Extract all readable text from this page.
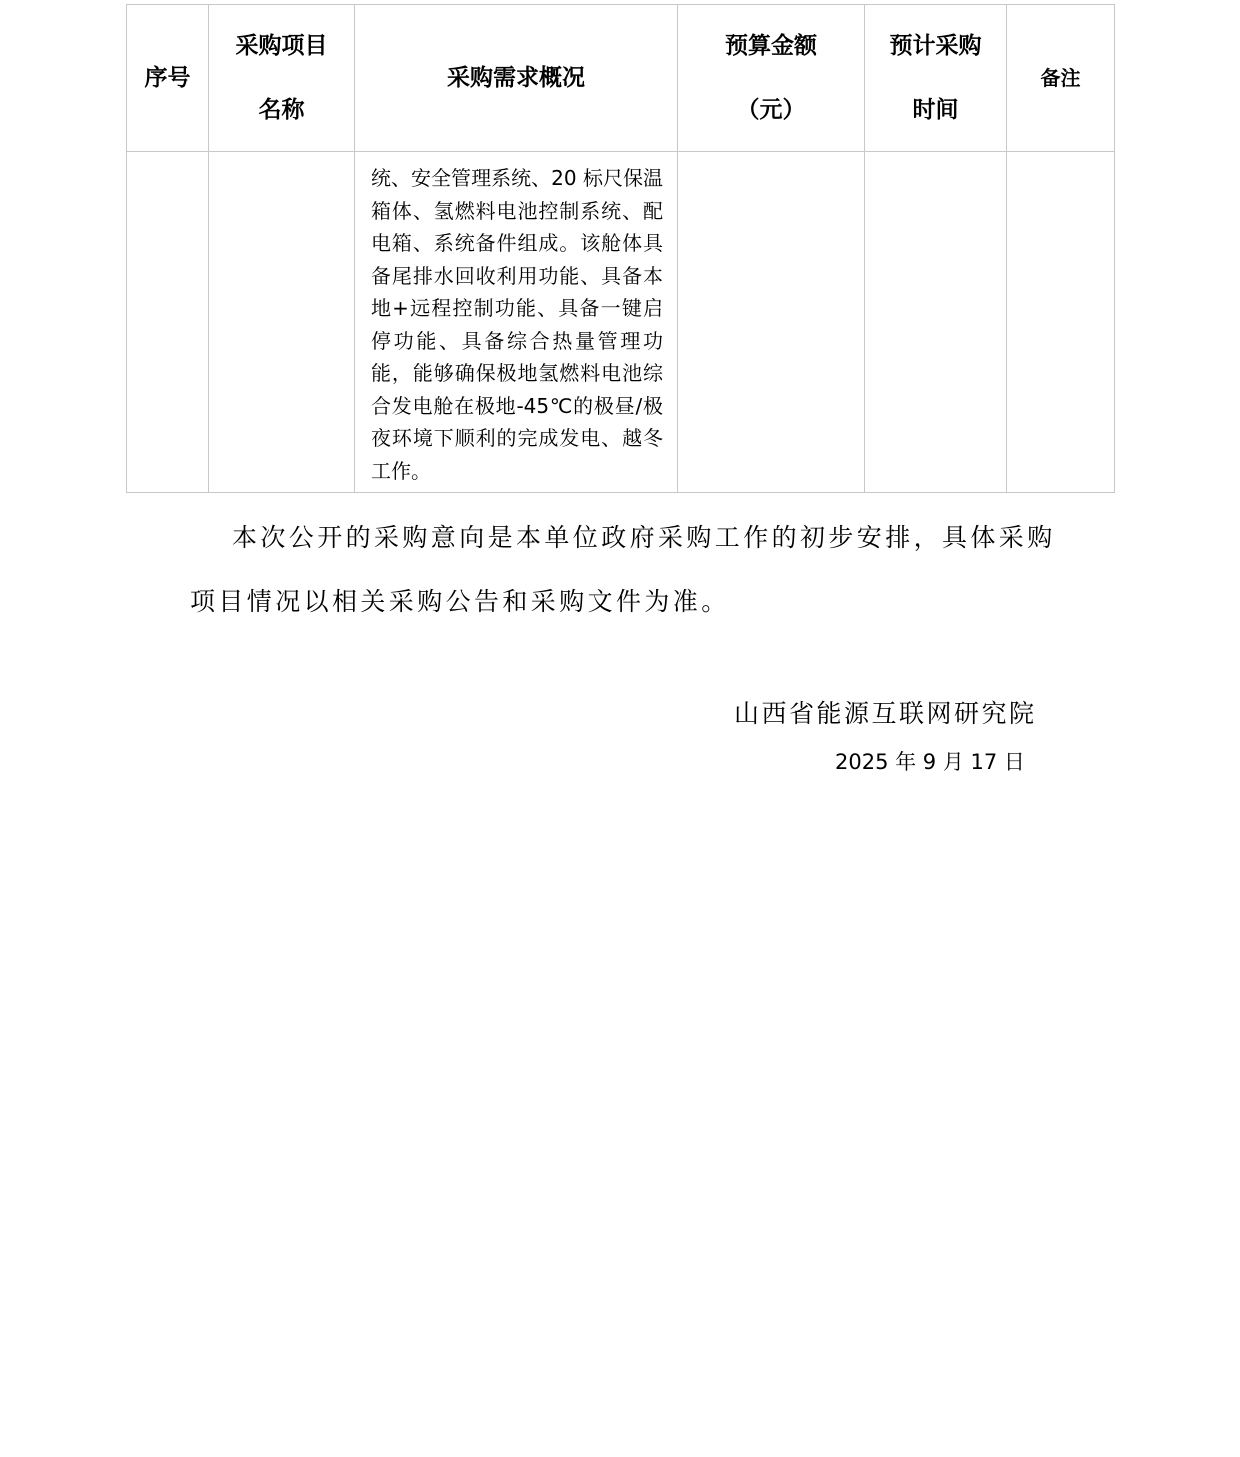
序号	采购项目名称	采购需求概况	预算金额（元）	预计采购时间	备注

		统、安全管理系统、20 标尺保温箱体、氢燃料电池控制系统、配电箱、系统备件组成。该舱体具备尾排水回收利用功能、具备本地+远程控制功能、具备一键启停功能、具备综合热量管理功能，能够确保极地氢燃料电池综合发电舱在极地-45℃的极昼/极夜环境下顺利的完成发电、越冬工作。			

本次公开的采购意向是本单位政府采购工作的初步安排，具体采购项目情况以相关采购公告和采购文件为准。

山西省能源互联网研究院

2025 年 9 月 17 日
